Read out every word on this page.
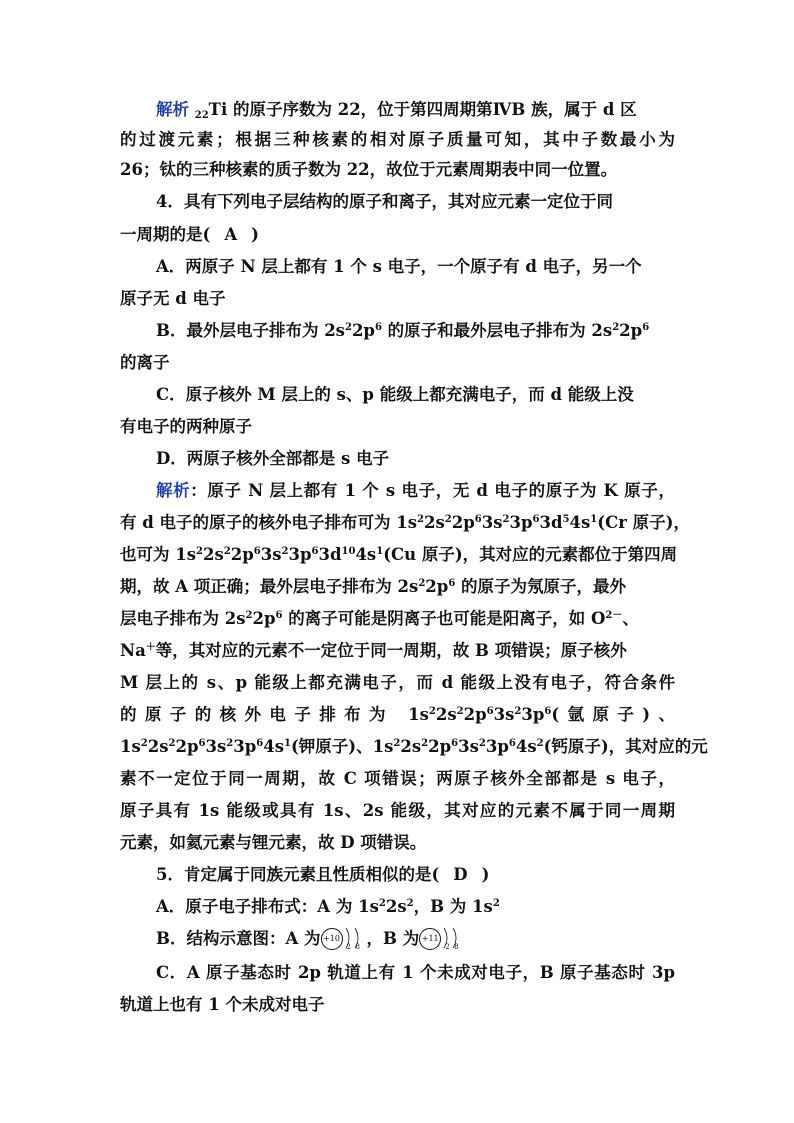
解析 $_{22}$Ti 的原子序数为 22，位于第四周期第ⅣB 族，属于 d 区
的过渡元素；根据三种核素的相对原子质量可知，其中子数最小为
26；钛的三种核素的质子数为 22，故位于元素周期表中同一位置。
4．具有下列电子层结构的原子和离子，其对应元素一定位于同
一周期的是( A )
A．两原子 N 层上都有 1 个 s 电子，一个原子有 d 电子，另一个
原子无 d 电子
B．最外层电子排布为 $2s^22p^6$ 的原子和最外层电子排布为 $2s^22p^6$
的离子
C．原子核外 M 层上的 s、p 能级上都充满电子，而 d 能级上没
有电子的两种原子
D．两原子核外全部都是 s 电子
解析：原子 N 层上都有 1 个 s 电子，无 d 电子的原子为 K 原子，
有 d 电子的原子的核外电子排布可为 $1s^22s^22p^63s^23p^63d^54s^1(Cr$ 原子)，
也可为 $1s^22s^22p^63s^23p^63d^{10}4s^1(Cu$ 原子)，其对应的元素都位于第四周
期，故 A 项正确；最外层电子排布为 $2s^22p^6$ 的原子为氖原子，最外
层电子排布为 $2s^22p^6$ 的离子可能是阴离子也可能是阳离子，如 $O^{2-}$、
Na＋等，其对应的元素不一定位于同一周期，故 B 项错误；原子核外
M 层上的 s、p 能级上都充满电子，而 d 能级上没有电子，符合条件
的原子的核外电子排布为 $1s^22s^22p^63s^23p^6$(氩原子)、
$1s^22s^22p^63s^23p^64s^1$(钾原子)、$1s^22s^22p^63s^23p^64s^2$(钙原子)，其对应的元
素不一定位于同一周期，故 C 项错误；两原子核外全部都是 s 电子，
原子具有 1s 能级或具有 1s、2s 能级，其对应的元素不属于同一周期
元素，如氦元素与锂元素，故 D 项错误。
5．肯定属于同族元素且性质相似的是( D )
A．原子电子排布式：A 为 $1s^22s^2$，B 为 $1s^2$
B．结构示意图：A 为 +10
2 8 ，B 为 +11
2 8
C．A 原子基态时 2p 轨道上有 1 个未成对电子，B 原子基态时 3p
轨道上也有 1 个未成对电子
